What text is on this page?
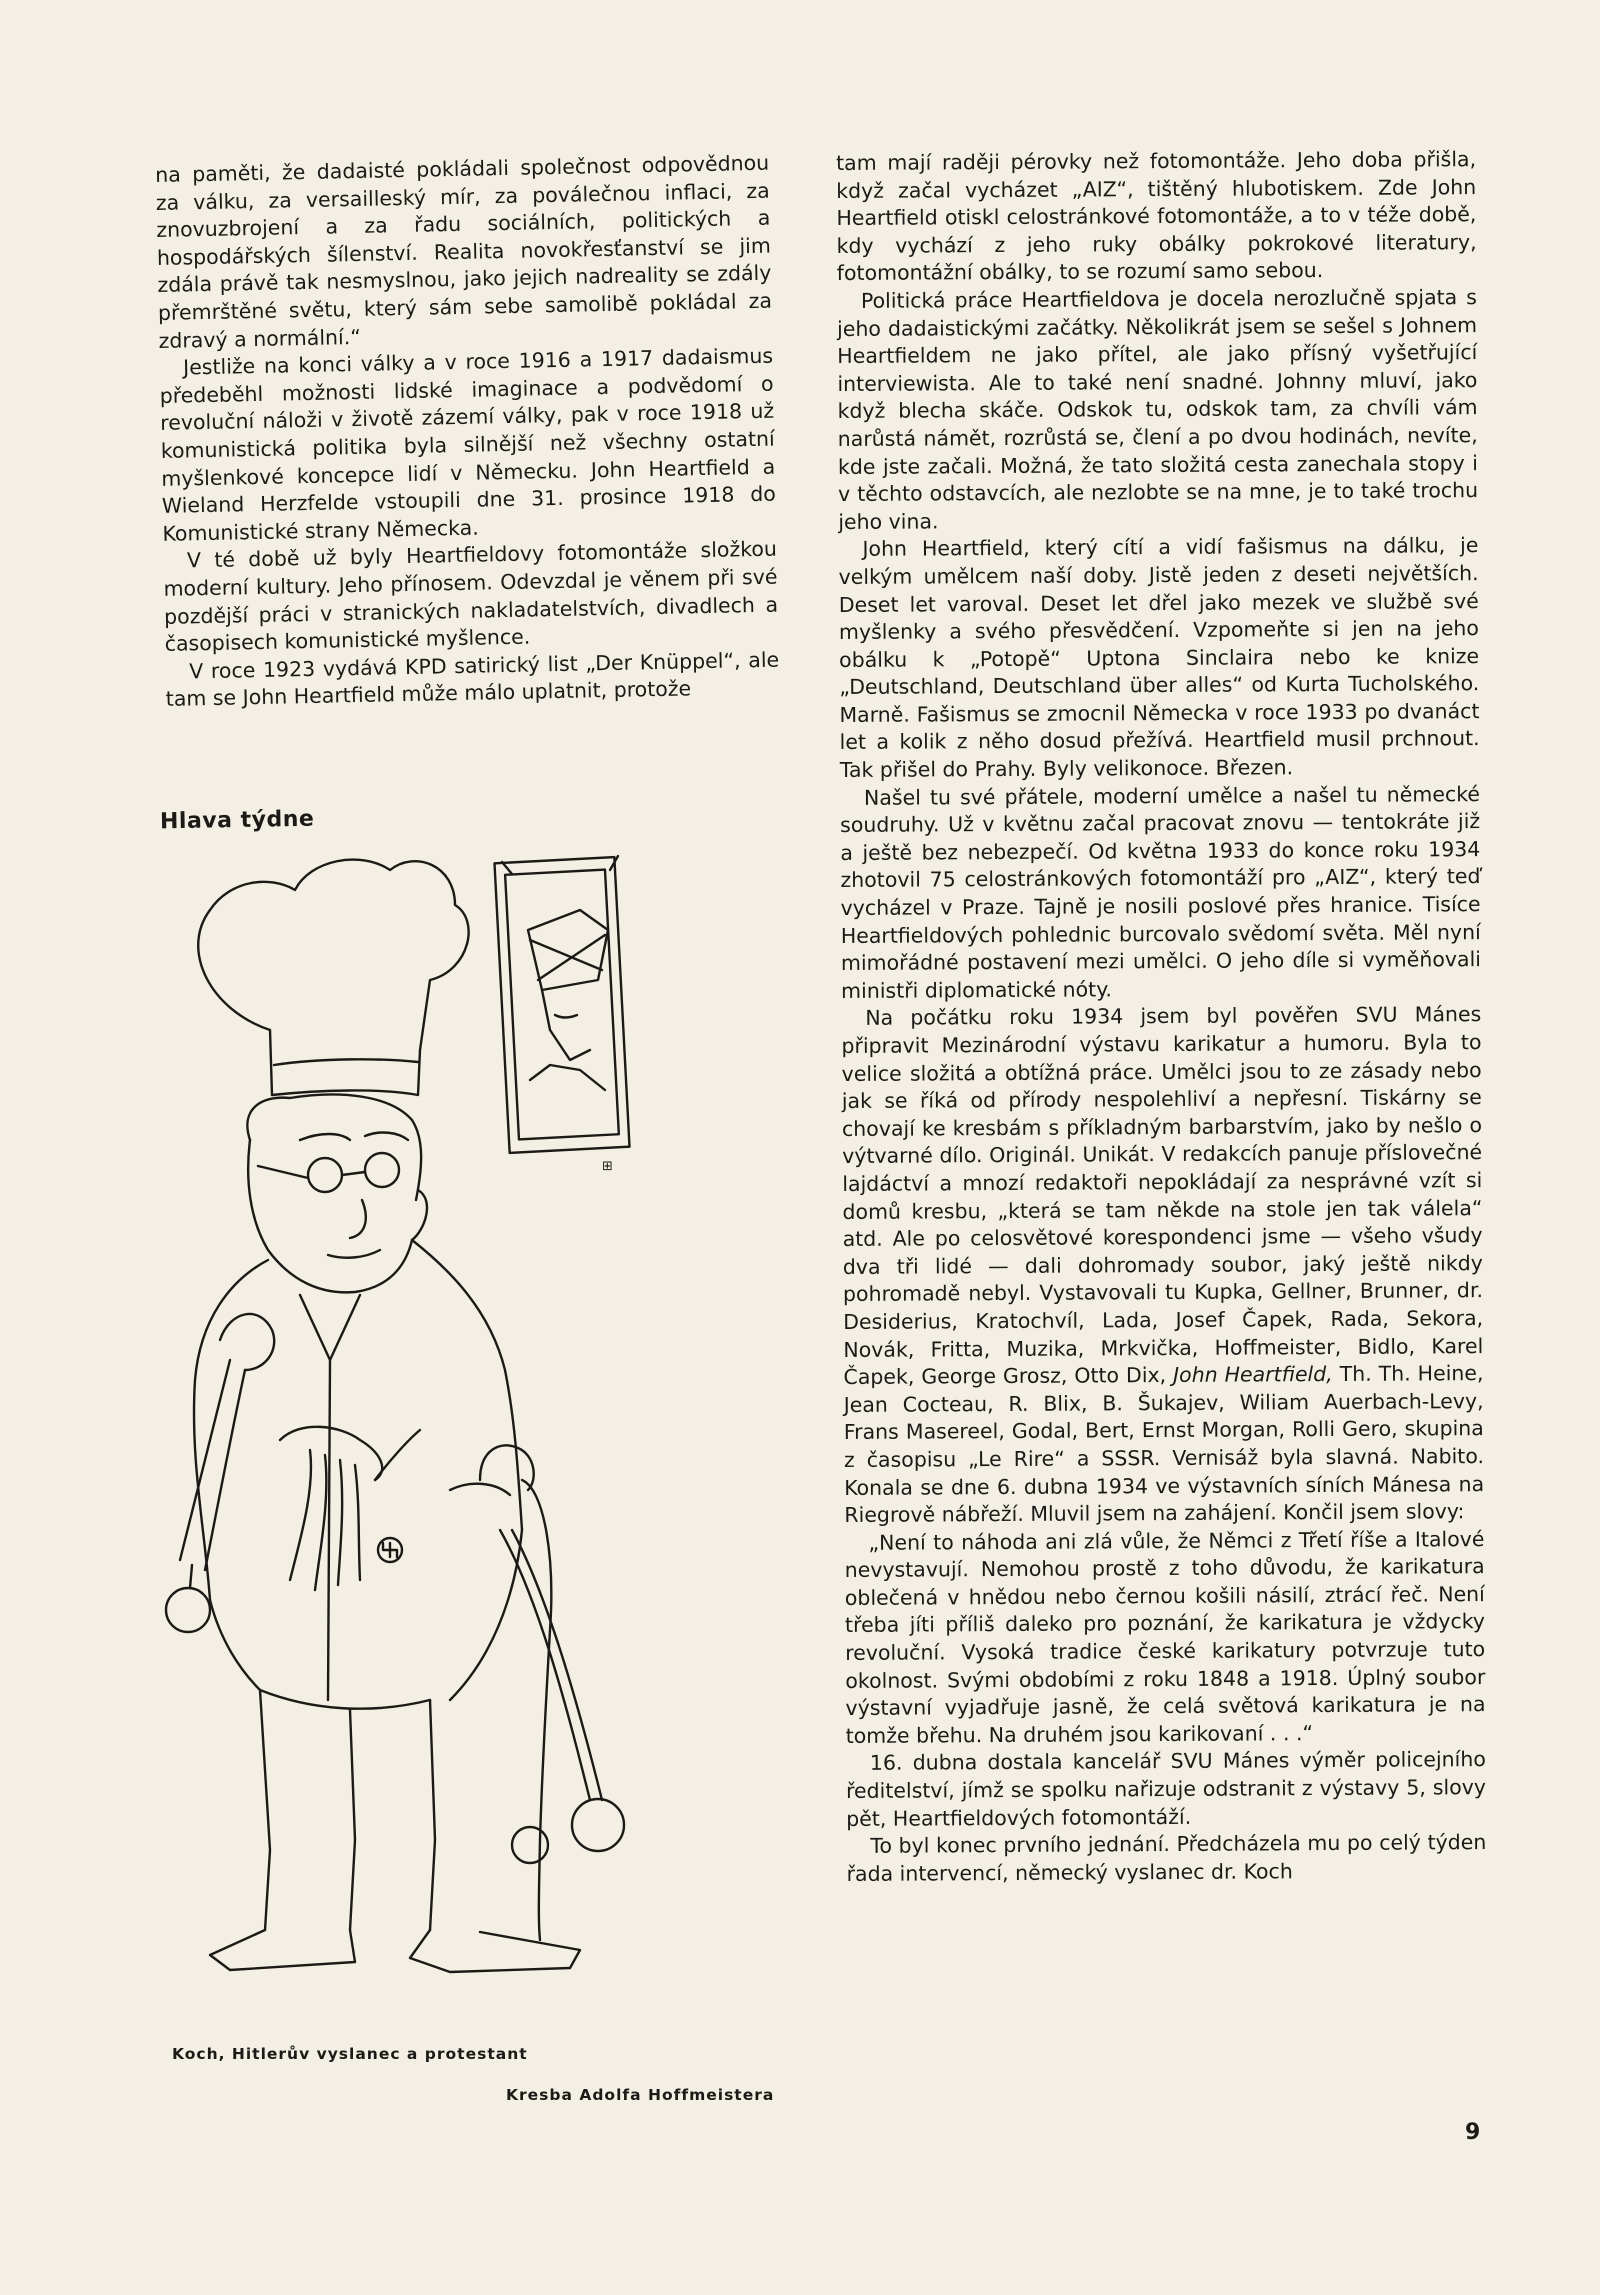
na paměti, že dadaisté pokládali společnost odpovědnou za válku, za versailleský mír, za poválečnou inflaci, za znovuzbrojení a za řadu sociálních, politických a hospodářských šílenství. Realita novokřesťanství se jim zdála právě tak nesmyslnou, jako jejich nadreality se zdály přemrštěné světu, který sám sebe samolibě pokládal za zdravý a normální.“

Jestliže na konci války a v roce 1916 a 1917 dadaismus předeběhl možnosti lidské imaginace a podvědomí o revoluční náloži v životě zázemí války, pak v roce 1918 už komunistická politika byla silnější než všechny ostatní myšlenkové koncepce lidí v Německu. John Heartfield a Wieland Herzfelde vstoupili dne 31. prosince 1918 do Komunistické strany Německa.

V té době už byly Heartfieldovy fotomontáže složkou moderní kultury. Jeho přínosem. Odevzdal je věnem při své pozdější práci v stranických nakladatelstvích, divadlech a časopisech komunistické myšlence.

V roce 1923 vydává KPD satirický list „Der Knüppel“, ale tam se John Heartfield může málo uplatnit, protože

Hlava týdne
⊞
Koch, Hitlerův vyslanec a protestant
Kresba Adolfa Hoffmeistera

tam mají raději pérovky než fotomontáže. Jeho doba přišla, když začal vycházet „AIZ“, tištěný hlubotiskem. Zde John Heartfield otiskl celostránkové fotomontáže, a to v téže době, kdy vychází z jeho ruky obálky pokrokové literatury, fotomontážní obálky, to se rozumí samo sebou.

Politická práce Heartfieldova je docela nerozlučně spjata s jeho dadaistickými začátky. Několikrát jsem se sešel s Johnem Heartfieldem ne jako přítel, ale jako přísný vyšetřující interviewista. Ale to také není snadné. Johnny mluví, jako když blecha skáče. Odskok tu, odskok tam, za chvíli vám narůstá námět, rozrůstá se, člení a po dvou hodinách, nevíte, kde jste začali. Možná, že tato složitá cesta zanechala stopy i v těchto odstavcích, ale nezlobte se na mne, je to také trochu jeho vina.

John Heartfield, který cítí a vidí fašismus na dálku, je velkým umělcem naší doby. Jistě jeden z deseti největších. Deset let varoval. Deset let dřel jako mezek ve službě své myšlenky a svého přesvědčení. Vzpomeňte si jen na jeho obálku k „Potopě“ Uptona Sinclaira nebo ke knize „Deutschland, Deutschland über alles“ od Kurta Tucholského. Marně. Fašismus se zmocnil Německa v roce 1933 po dvanáct let a kolik z něho dosud přežívá. Heartfield musil prchnout. Tak přišel do Prahy. Byly velikonoce. Březen.

Našel tu své přátele, moderní umělce a našel tu německé soudruhy. Už v květnu začal pracovat znovu — tentokráte již a ještě bez nebezpečí. Od května 1933 do konce roku 1934 zhotovil 75 celostránkových fotomontáží pro „AIZ“, který teď vycházel v Praze. Tajně je nosili poslové přes hranice. Tisíce Heartfieldových pohlednic burcovalo svědomí světa. Měl nyní mimořádné postavení mezi umělci. O jeho díle si vyměňovali ministři diplomatické nóty.

Na počátku roku 1934 jsem byl pověřen SVU Mánes připravit Mezinárodní výstavu karikatur a humoru. Byla to velice složitá a obtížná práce. Umělci jsou to ze zásady nebo jak se říká od přírody nespolehliví a nepřesní. Tiskárny se chovají ke kresbám s příkladným barbarstvím, jako by nešlo o výtvarné dílo. Originál. Unikát. V redakcích panuje příslovečné lajdáctví a mnozí redaktoři nepokládají za nesprávné vzít si domů kresbu, „která se tam někde na stole jen tak válela“ atd. Ale po celosvětové korespondenci jsme — všeho všudy dva tři lidé — dali dohromady soubor, jaký ještě nikdy pohromadě nebyl. Vystavovali tu Kupka, Gellner, Brunner, dr. Desiderius, Kratochvíl, Lada, Josef Čapek, Rada, Sekora, Novák, Fritta, Muzika, Mrkvička, Hoffmeister, Bidlo, Karel Čapek, George Grosz, Otto Dix, John Heartfield, Th. Th. Heine, Jean Cocteau, R. Blix, B. Šukajev, Wiliam Auerbach-Levy, Frans Masereel, Godal, Bert, Ernst Morgan, Rolli Gero, skupina z časopisu „Le Rire“ a SSSR. Vernisáž byla slavná. Nabito. Konala se dne 6. dubna 1934 ve výstavních síních Mánesa na Riegrově nábřeží. Mluvil jsem na zahájení. Končil jsem slovy:

„Není to náhoda ani zlá vůle, že Němci z Třetí říše a Italové nevystavují. Nemohou prostě z toho důvodu, že karikatura oblečená v hnědou nebo černou košili násilí, ztrácí řeč. Není třeba jíti příliš daleko pro poznání, že karikatura je vždycky revoluční. Vysoká tradice české karikatury potvrzuje tuto okolnost. Svými obdobími z roku 1848 a 1918. Úplný soubor výstavní vyjadřuje jasně, že celá světová karikatura je na tomže břehu. Na druhém jsou karikovaní . . .“

16. dubna dostala kancelář SVU Mánes výměr policejního ředitelství, jímž se spolku nařizuje odstranit z výstavy 5, slovy pět, Heartfieldových fotomontáží.

To byl konec prvního jednání. Předcházela mu po celý týden řada intervencí, německý vyslanec dr. Koch

9
